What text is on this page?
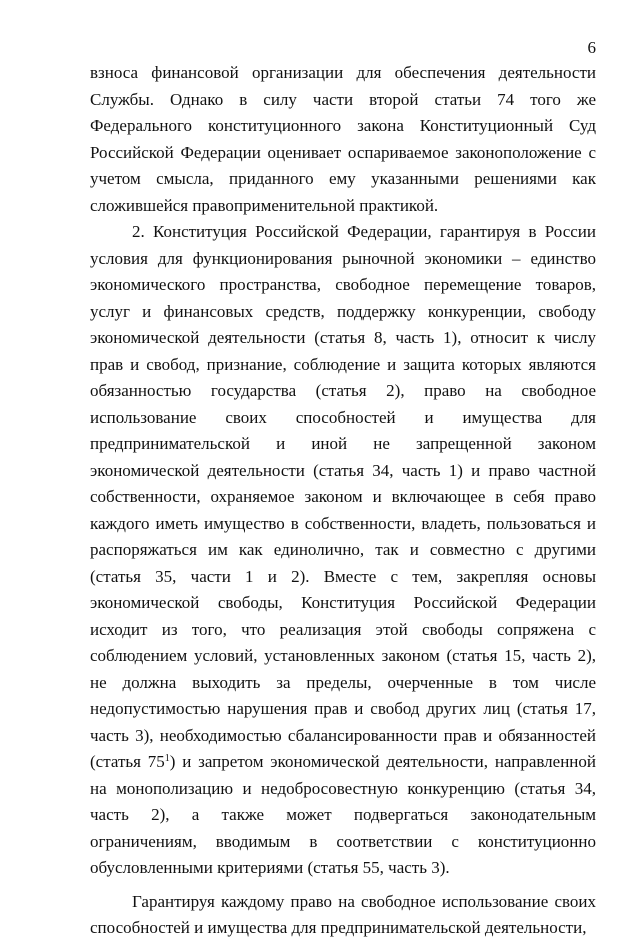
6

взноса финансовой организации для обеспечения деятельности Службы. Однако в силу части второй статьи 74 того же Федерального конституционного закона Конституционный Суд Российской Федерации оценивает оспариваемое законоположение с учетом смысла, приданного ему указанными решениями как сложившейся правоприменительной практикой.

2. Конституция Российской Федерации, гарантируя в России условия для функционирования рыночной экономики – единство экономического пространства, свободное перемещение товаров, услуг и финансовых средств, поддержку конкуренции, свободу экономической деятельности (статья 8, часть 1), относит к числу прав и свобод, признание, соблюдение и защита которых являются обязанностью государства (статья 2), право на свободное использование своих способностей и имущества для предпринимательской и иной не запрещенной законом экономической деятельности (статья 34, часть 1) и право частной собственности, охраняемое законом и включающее в себя право каждого иметь имущество в собственности, владеть, пользоваться и распоряжаться им как единолично, так и совместно с другими (статья 35, части 1 и 2). Вместе с тем, закрепляя основы экономической свободы, Конституция Российской Федерации исходит из того, что реализация этой свободы сопряжена с соблюдением условий, установленных законом (статья 15, часть 2), не должна выходить за пределы, очерченные в том числе недопустимостью нарушения прав и свобод других лиц (статья 17, часть 3), необходимостью сбалансированности прав и обязанностей (статья $75^1$) и запретом экономической деятельности, направленной на монополизацию и недобросовестную конкуренцию (статья 34, часть 2), а также может подвергаться законодательным ограничениям, вводимым в соответствии с конституционно обусловленными критериями (статья 55, часть 3).

Гарантируя каждому право на свободное использование своих способностей и имущества для предпринимательской деятельности,
